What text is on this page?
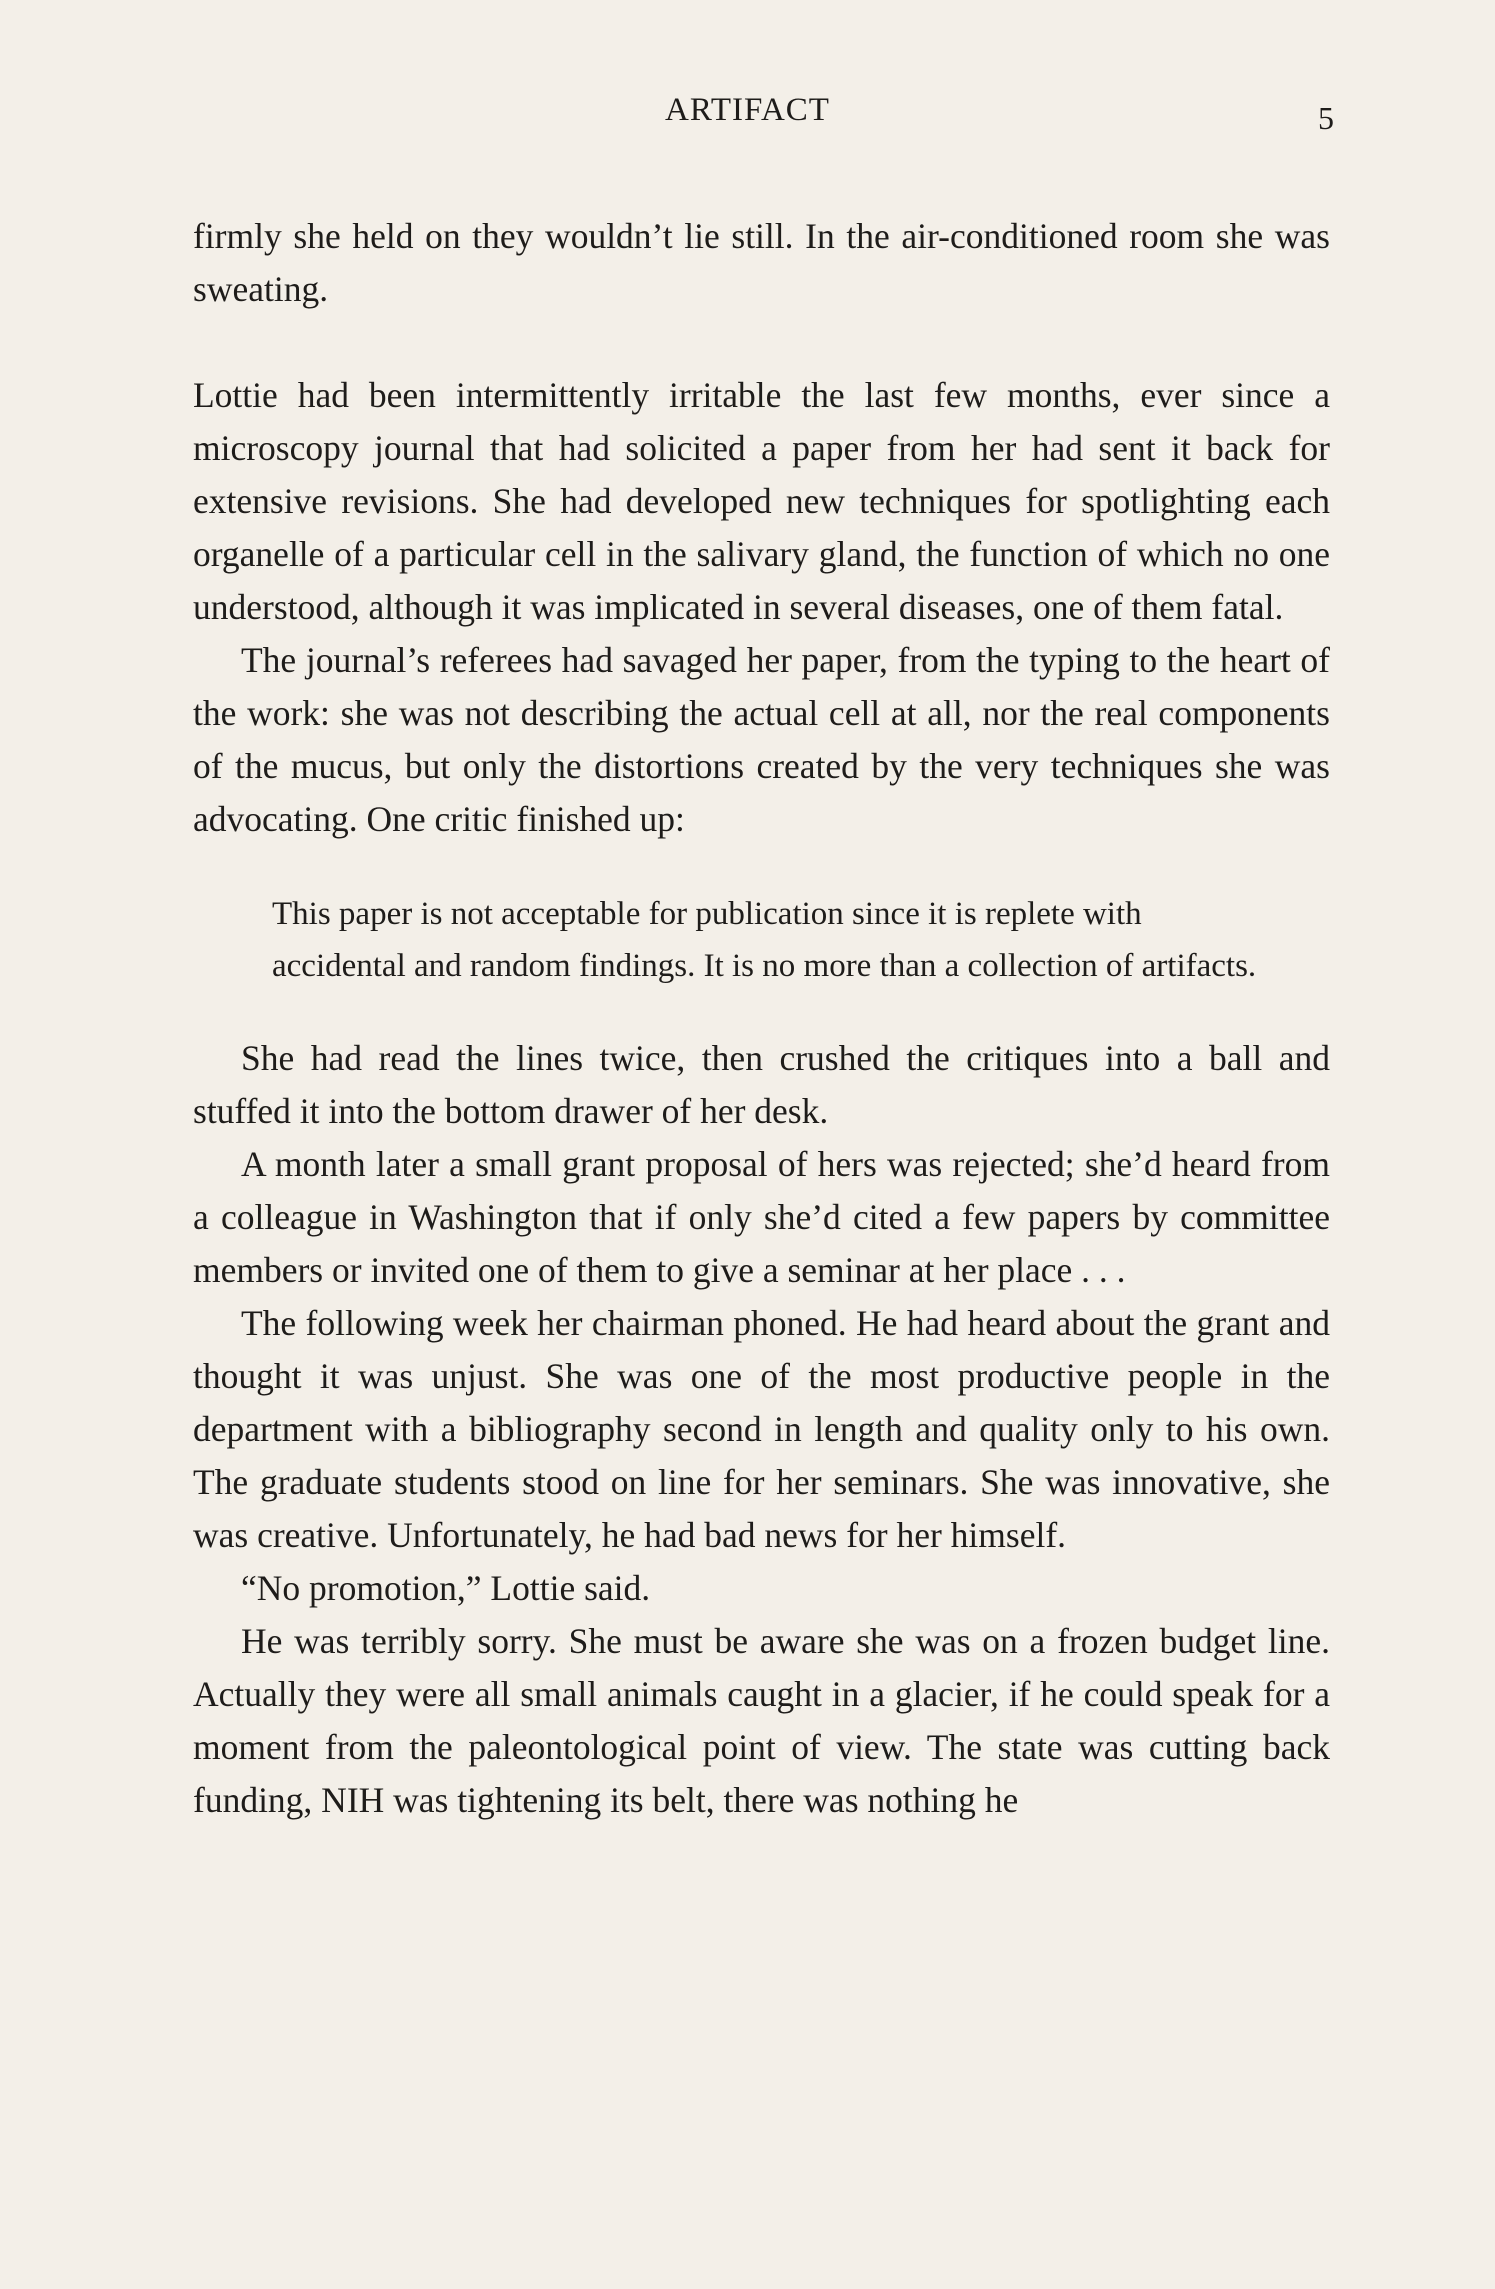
ARTIFACT	5

firmly she held on they wouldn’t lie still. In the air-conditioned room she was sweating.

Lottie had been intermittently irritable the last few months, ever since a microscopy journal that had solicited a paper from her had sent it back for extensive revisions. She had developed new techniques for spotlighting each organelle of a particular cell in the salivary gland, the function of which no one understood, although it was implicated in several diseases, one of them fatal.

The journal’s referees had savaged her paper, from the typing to the heart of the work: she was not describing the actual cell at all, nor the real components of the mucus, but only the distortions created by the very techniques she was advocating. One critic finished up:

This paper is not acceptable for publication since it is replete with accidental and random findings. It is no more than a collection of artifacts.

She had read the lines twice, then crushed the critiques into a ball and stuffed it into the bottom drawer of her desk.

A month later a small grant proposal of hers was rejected; she’d heard from a colleague in Washington that if only she’d cited a few papers by committee members or invited one of them to give a seminar at her place . . .

The following week her chairman phoned. He had heard about the grant and thought it was unjust. She was one of the most productive people in the department with a bibliography second in length and quality only to his own. The graduate students stood on line for her seminars. She was innovative, she was creative. Unfortunately, he had bad news for her himself.

“No promotion,” Lottie said.

He was terribly sorry. She must be aware she was on a frozen budget line. Actually they were all small animals caught in a glacier, if he could speak for a moment from the paleontological point of view. The state was cutting back funding, NIH was tightening its belt, there was nothing he
